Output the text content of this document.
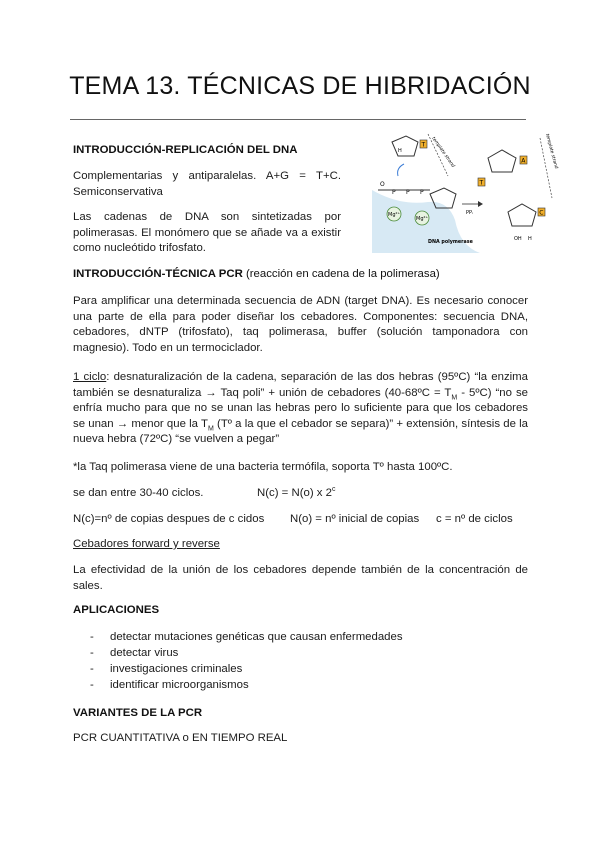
TEMA 13. TÉCNICAS DE HIBRIDACIÓN
INTRODUCCIÓN-REPLICACIÓN DEL DNA

Complementarias y antiparalelas. A+G = T+C. Semiconservativa

Las cadenas de DNA son sintetizadas por polimerasas. El monómero que se añade va a existir como nucleótido trifosfato.

H
T template strand
O
P P P
Mg²⁺
Mg²⁺
DNA polymerase
PPᵢ
A
T
OH H
C
template strand
INTRODUCCIÓN-TÉCNICA PCR (reacción en cadena de la polimerasa)

Para amplificar una determinada secuencia de ADN (target DNA). Es necesario conocer una parte de ella para poder diseñar los cebadores. Componentes: secuencia DNA, cebadores, dNTP (trifosfato), taq polimerasa, buffer (solución tamponadora con magnesio). Todo en un termociclador.

1 ciclo: desnaturalización de la cadena, separación de las dos hebras (95ºC) “la enzima también se desnaturaliza → Taq poli” + unión de cebadores (40-68ºC = $T_M$ - 5ºC) “no se enfría mucho para que no se unan las hebras pero lo suficiente para que los cebadores se unan → menor que la $T_M$ (Tº a la que el cebador se separa)” + extensión, síntesis de la nueva hebra (72ºC) “se vuelven a pegar”

*la Taq polimerasa viene de una bacteria termófila, soporta Tº hasta 100ºC.

se dan entre 30-40 ciclos.	N(c) = N(o) x 2$^c$

N(c)=nº de copias despues de c cidos N(o) = nº inicial de copias c = nº de ciclos

Cebadores forward y reverse

La efectividad de la unión de los cebadores depende también de la concentración de sales.

APLICACIONES
- detectar mutaciones genéticas que causan enfermedades
- detectar virus
- investigaciones criminales
- identificar microorganismos
VARIANTES DE LA PCR

PCR CUANTITATIVA o EN TIEMPO REAL
